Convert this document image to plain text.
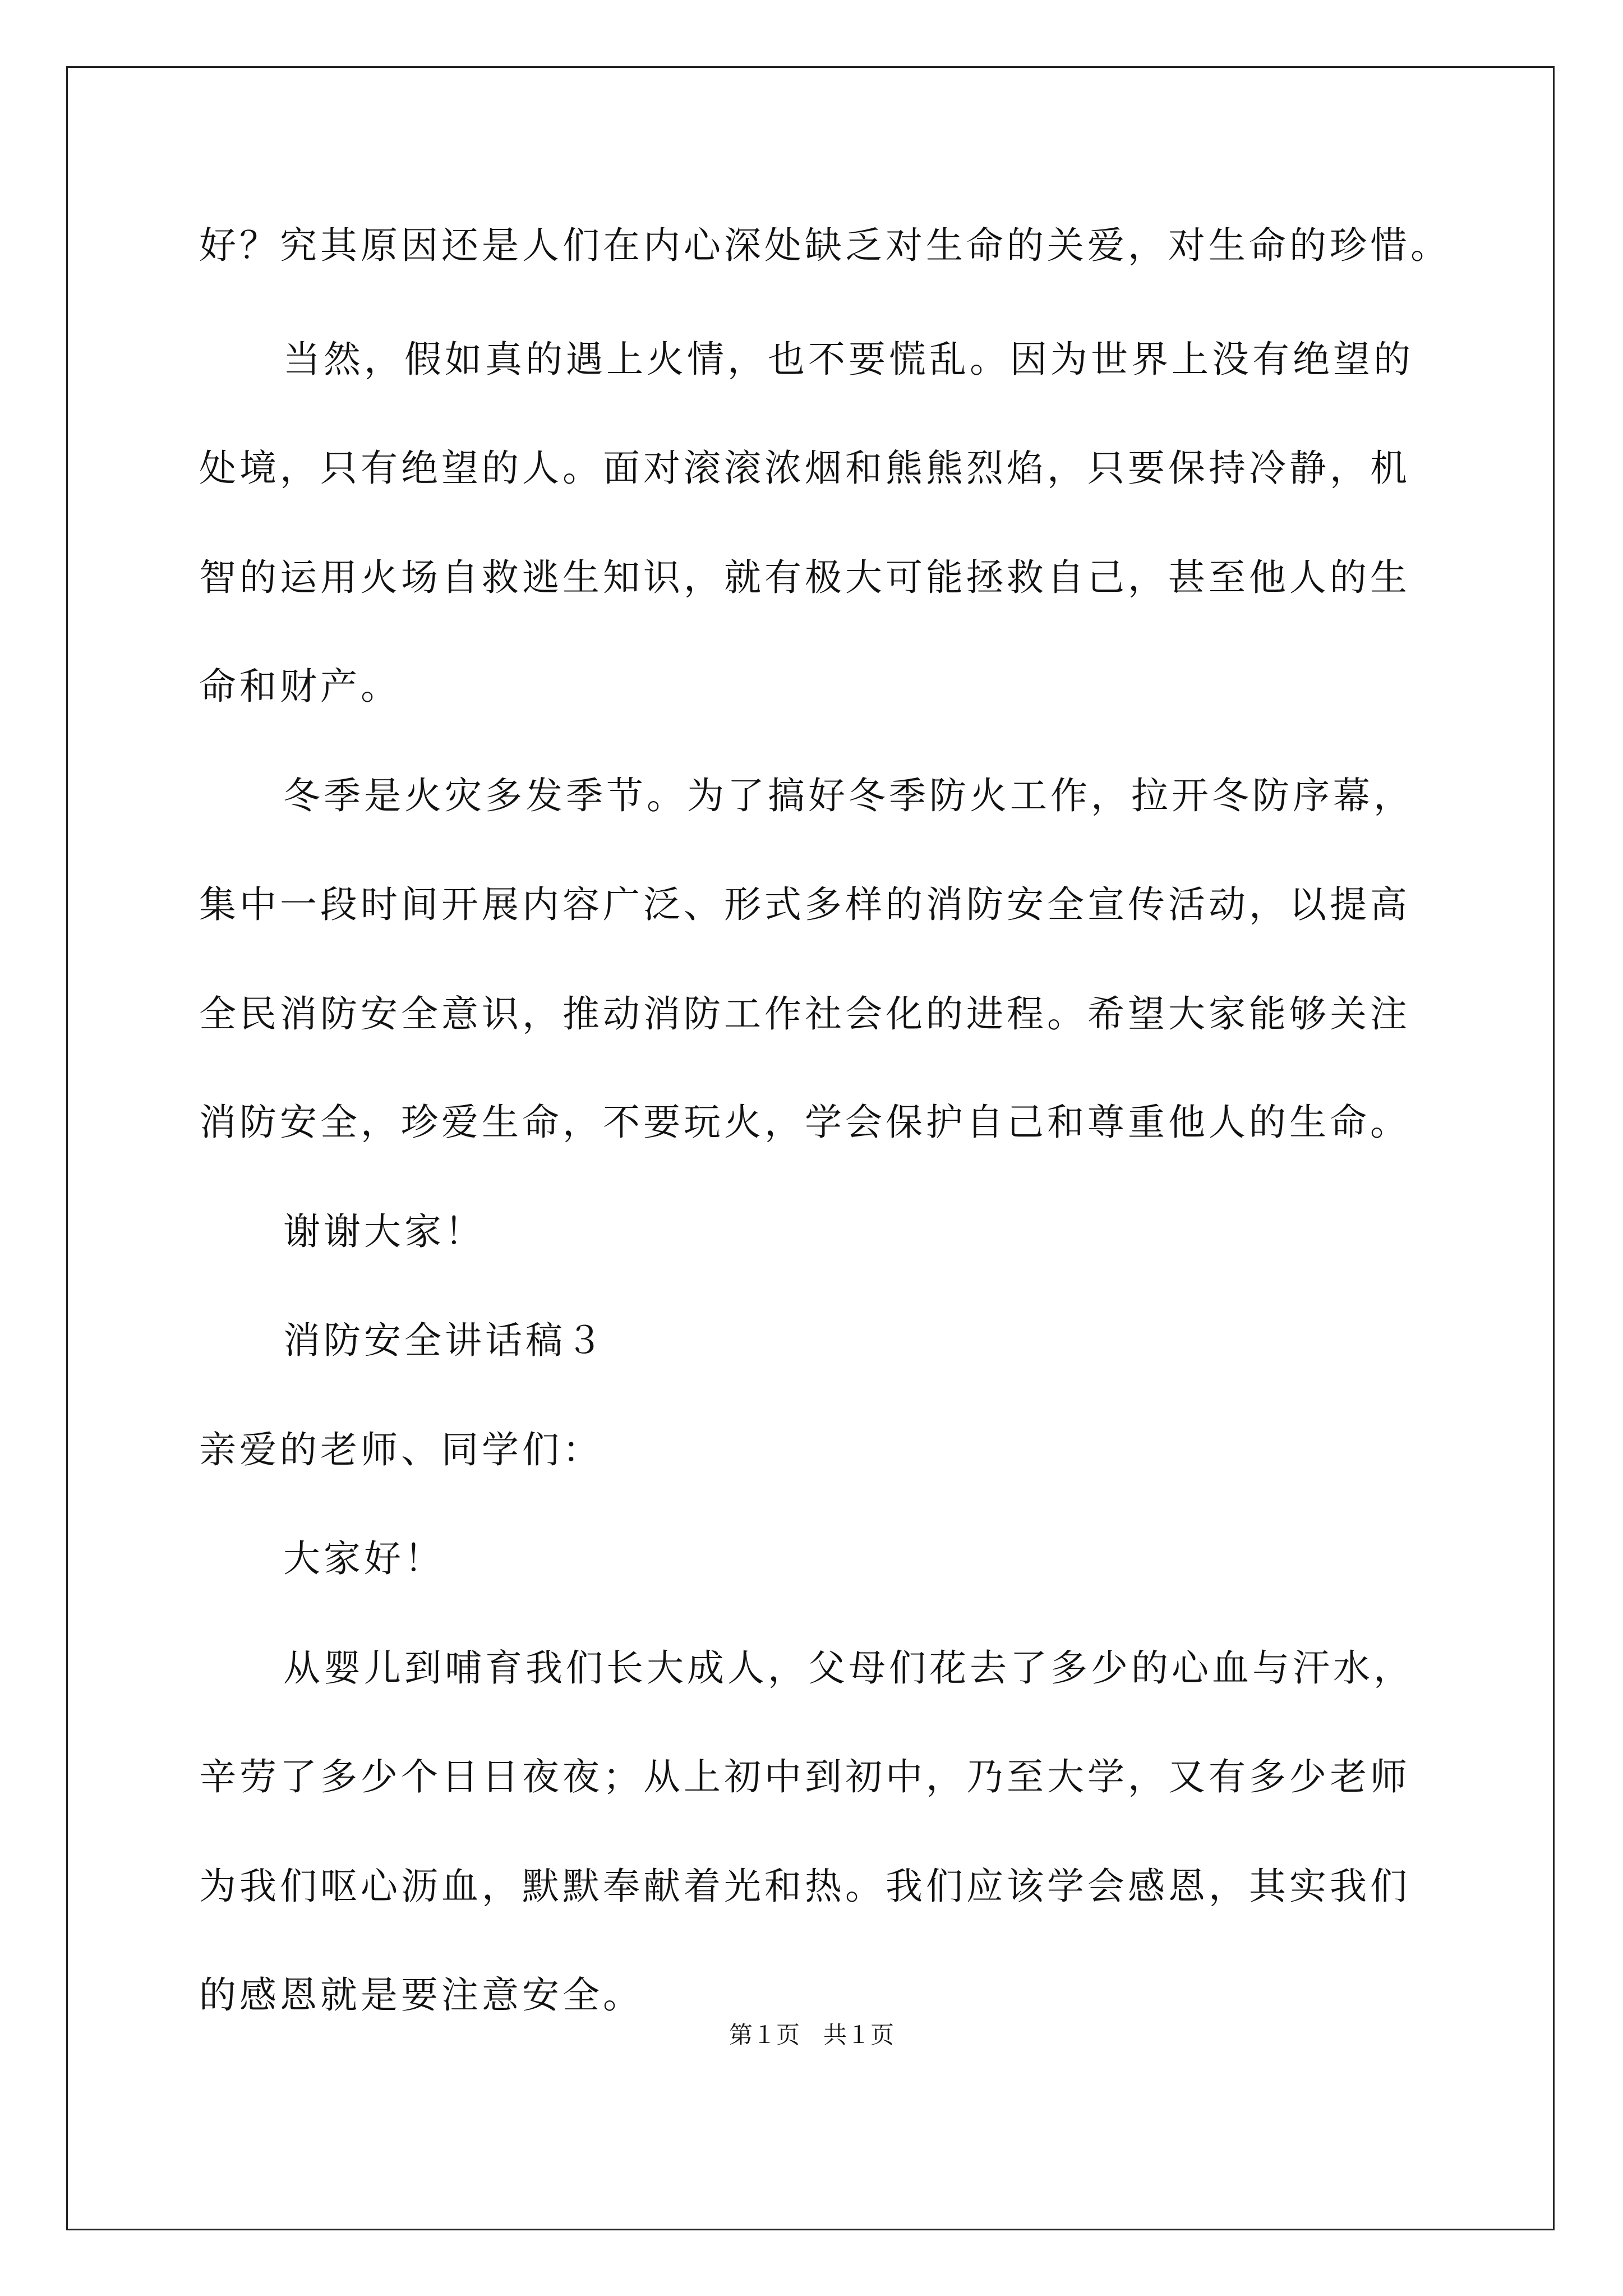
好？究其原因还是人们在内心深处缺乏对生命的关爱，对生命的珍惜。
当然，假如真的遇上火情，也不要慌乱。因为世界上没有绝望的
处境，只有绝望的人。面对滚滚浓烟和熊熊烈焰，只要保持冷静，机
智的运用火场自救逃生知识，就有极大可能拯救自己，甚至他人的生
命和财产。
冬季是火灾多发季节。为了搞好冬季防火工作，拉开冬防序幕，
集中一段时间开展内容广泛、形式多样的消防安全宣传活动，以提高
全民消防安全意识，推动消防工作社会化的进程。希望大家能够关注
消防安全，珍爱生命，不要玩火，学会保护自己和尊重他人的生命。
谢谢大家！
消防安全讲话稿３
亲爱的老师、同学们：
大家好！
从婴儿到哺育我们长大成人，父母们花去了多少的心血与汗水，
辛劳了多少个日日夜夜；从上初中到初中，乃至大学，又有多少老师
为我们呕心沥血，默默奉献着光和热。我们应该学会感恩，其实我们
的感恩就是要注意安全。
第１页　共１页
